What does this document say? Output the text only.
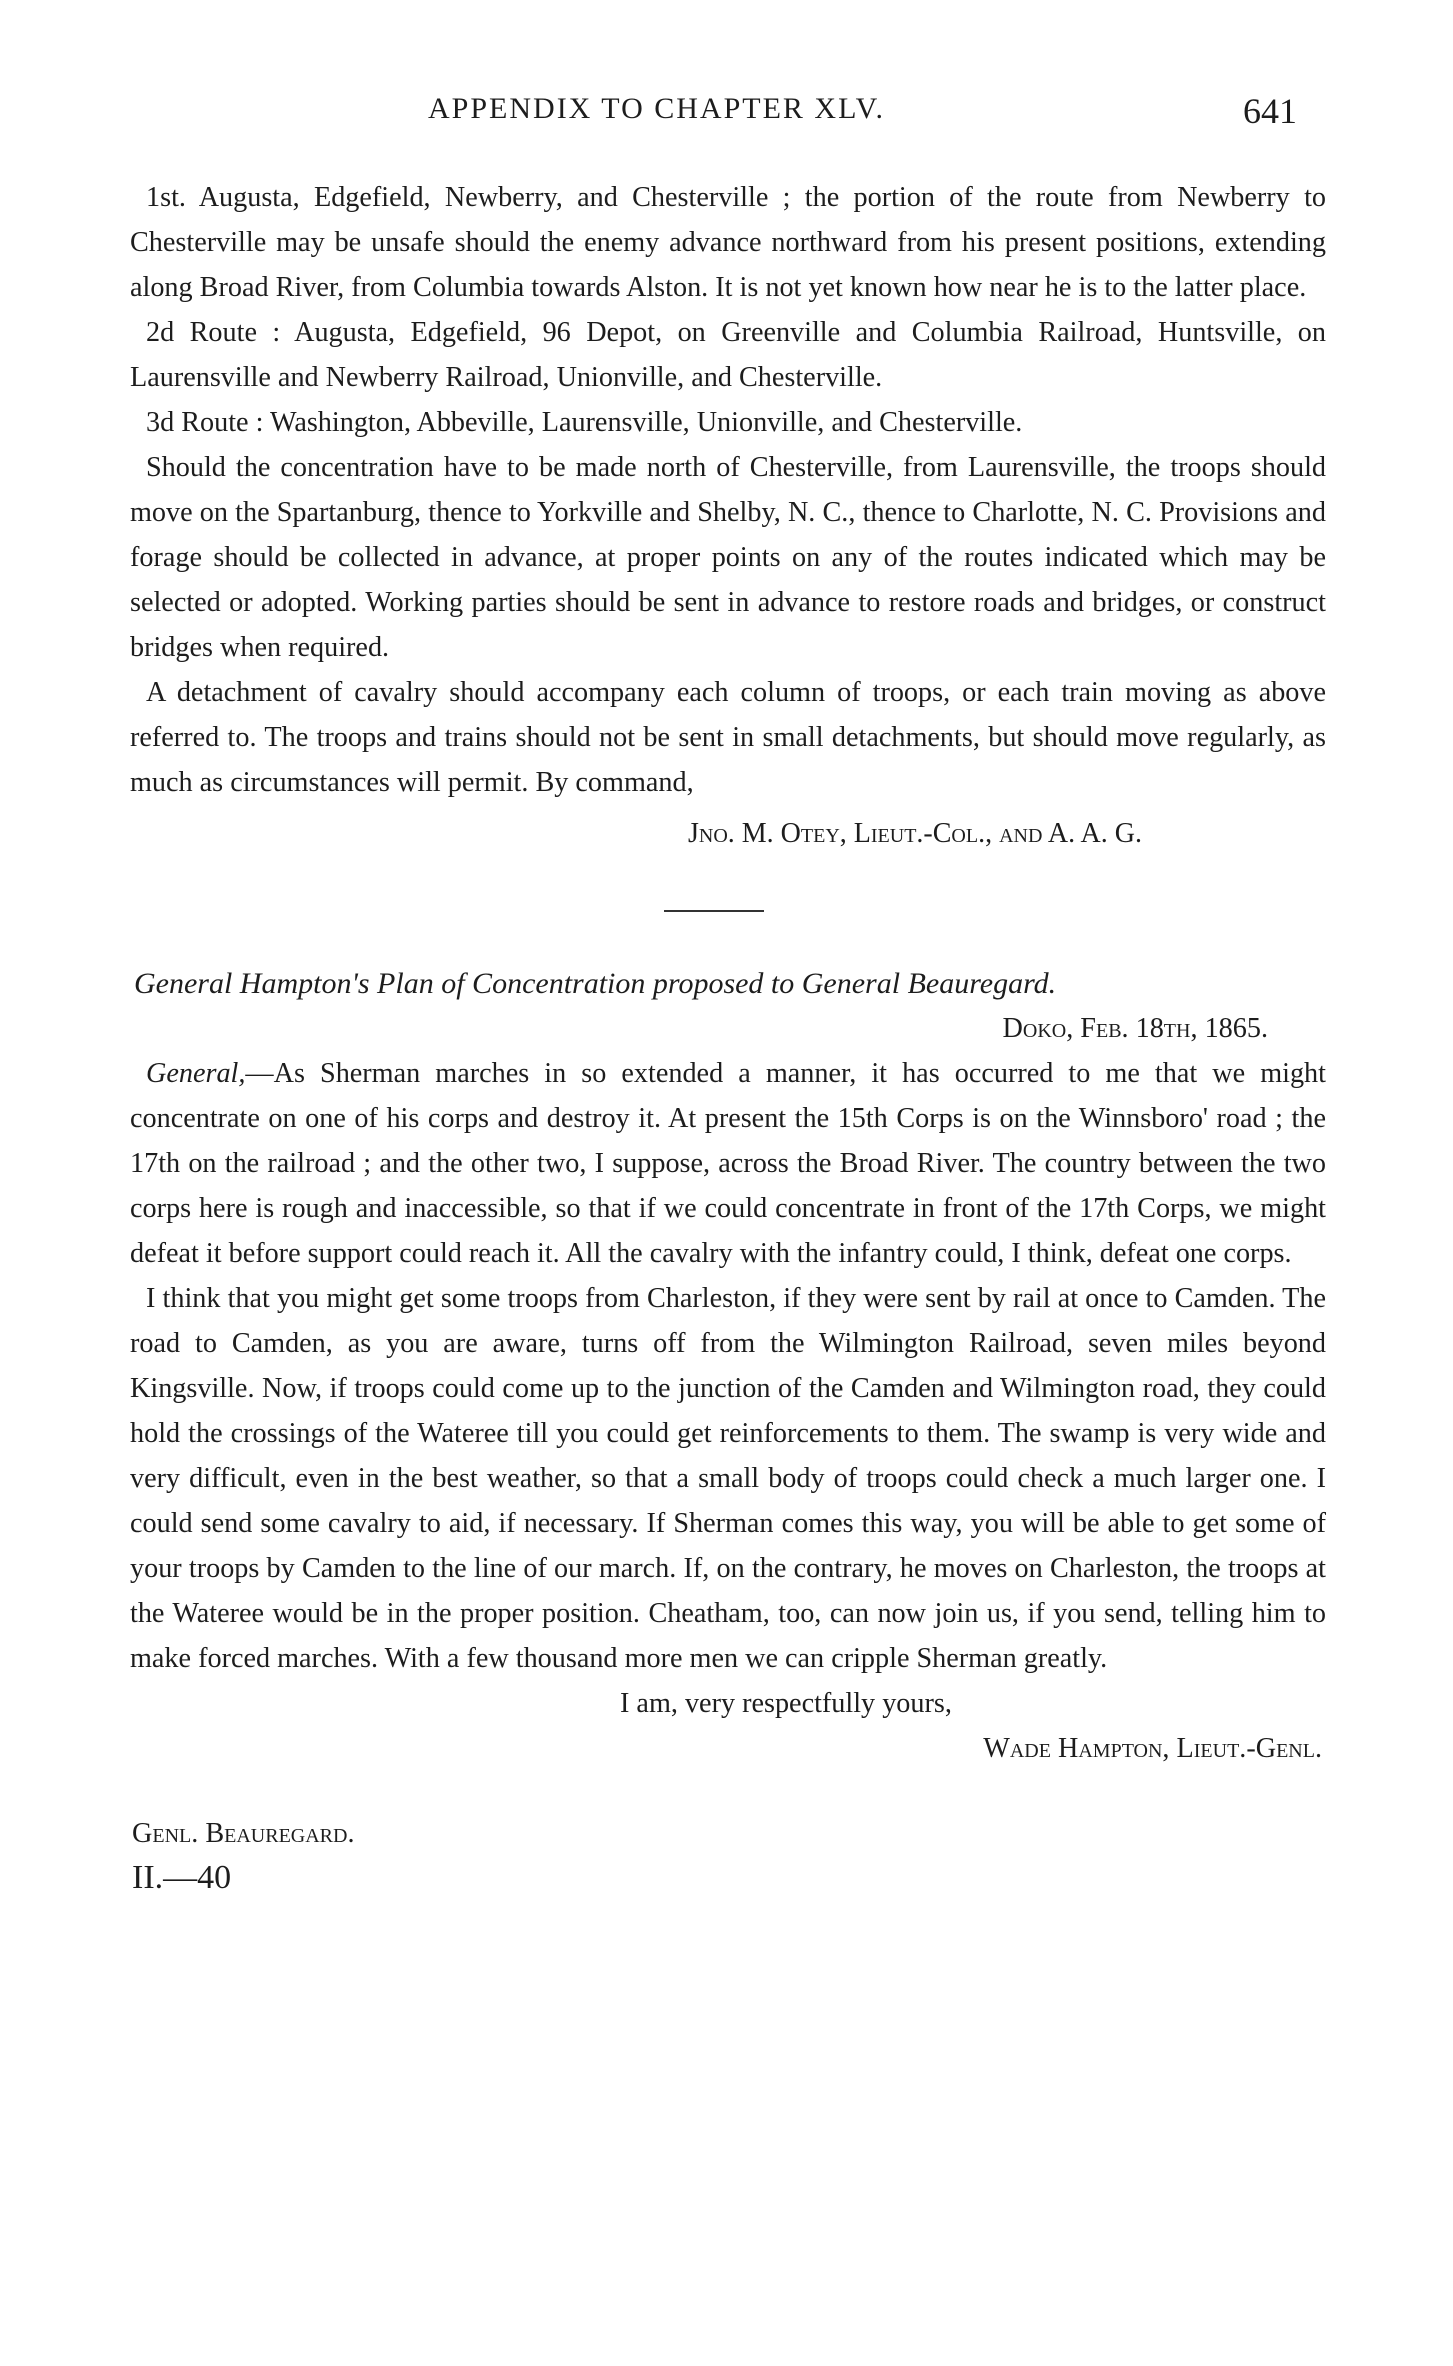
APPENDIX TO CHAPTER XLV.	641

1st. Augusta, Edgefield, Newberry, and Chesterville ; the portion of the route from Newberry to Chesterville may be unsafe should the enemy advance northward from his present positions, extending along Broad River, from Columbia towards Alston. It is not yet known how near he is to the latter place.

2d Route : Augusta, Edgefield, 96 Depot, on Greenville and Columbia Railroad, Huntsville, on Laurensville and Newberry Railroad, Unionville, and Chesterville.

3d Route : Washington, Abbeville, Laurensville, Unionville, and Chesterville.

Should the concentration have to be made north of Chesterville, from Laurensville, the troops should move on the Spartanburg, thence to Yorkville and Shelby, N. C., thence to Charlotte, N. C. Provisions and forage should be collected in advance, at proper points on any of the routes indicated which may be selected or adopted. Working parties should be sent in advance to restore roads and bridges, or construct bridges when required.

A detachment of cavalry should accompany each column of troops, or each train moving as above referred to. The troops and trains should not be sent in small detachments, but should move regularly, as much as circumstances will permit. By command,

Jno. M. Otey, Lieut.-Col., and A. A. G.

General Hampton's Plan of Concentration proposed to General Beauregard.

Doko, Feb. 18th, 1865.

General,—As Sherman marches in so extended a manner, it has occurred to me that we might concentrate on one of his corps and destroy it. At present the 15th Corps is on the Winnsboro' road ; the 17th on the railroad ; and the other two, I suppose, across the Broad River. The country between the two corps here is rough and inaccessible, so that if we could concentrate in front of the 17th Corps, we might defeat it before support could reach it. All the cavalry with the infantry could, I think, defeat one corps.

I think that you might get some troops from Charleston, if they were sent by rail at once to Camden. The road to Camden, as you are aware, turns off from the Wilmington Railroad, seven miles beyond Kingsville. Now, if troops could come up to the junction of the Camden and Wilmington road, they could hold the crossings of the Wateree till you could get reinforcements to them. The swamp is very wide and very difficult, even in the best weather, so that a small body of troops could check a much larger one. I could send some cavalry to aid, if necessary. If Sherman comes this way, you will be able to get some of your troops by Camden to the line of our march. If, on the contrary, he moves on Charleston, the troops at the Wateree would be in the proper position. Cheatham, too, can now join us, if you send, telling him to make forced marches. With a few thousand more men we can cripple Sherman greatly.

I am, very respectfully yours,

Wade Hampton, Lieut.-Genl.

Genl. Beauregard.

II.—40
